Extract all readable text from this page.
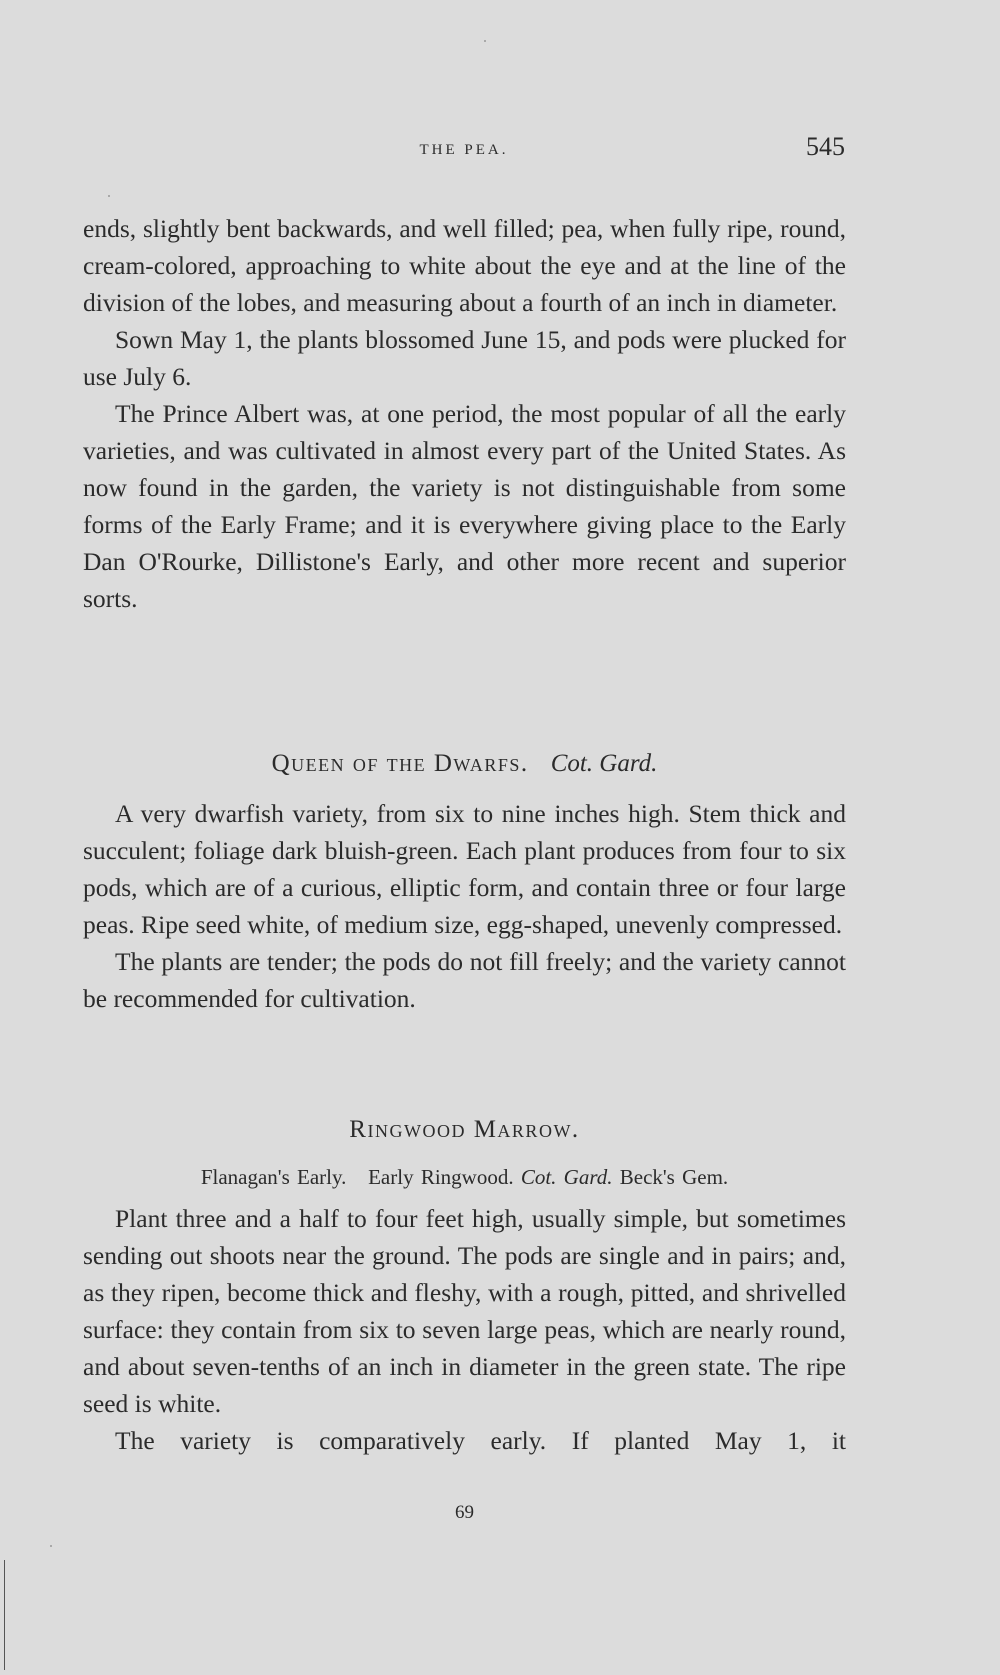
THE PEA.	545

ends, slightly bent backwards, and well filled; pea, when fully ripe, round, cream-colored, approaching to white about the eye and at the line of the division of the lobes, and measuring about a fourth of an inch in diameter.

Sown May 1, the plants blossomed June 15, and pods were plucked for use July 6.

The Prince Albert was, at one period, the most popular of all the early varieties, and was cultivated in almost every part of the United States. As now found in the garden, the variety is not distinguishable from some forms of the Early Frame; and it is everywhere giving place to the Early Dan O'Rourke, Dillistone's Early, and other more recent and superior sorts.

Queen of the Dwarfs. Cot. Gard.

A very dwarfish variety, from six to nine inches high. Stem thick and succulent; foliage dark bluish-green. Each plant produces from four to six pods, which are of a curious, elliptic form, and contain three or four large peas. Ripe seed white, of medium size, egg-shaped, unevenly compressed.

The plants are tender; the pods do not fill freely; and the variety cannot be recommended for cultivation.

Ringwood Marrow.
Flanagan's Early.   Early Ringwood. Cot. Gard. Beck's Gem.

Plant three and a half to four feet high, usually simple, but sometimes sending out shoots near the ground. The pods are single and in pairs; and, as they ripen, become thick and fleshy, with a rough, pitted, and shrivelled surface: they contain from six to seven large peas, which are nearly round, and about seven-tenths of an inch in diameter in the green state. The ripe seed is white.

The variety is comparatively early. If planted May 1, it

69
